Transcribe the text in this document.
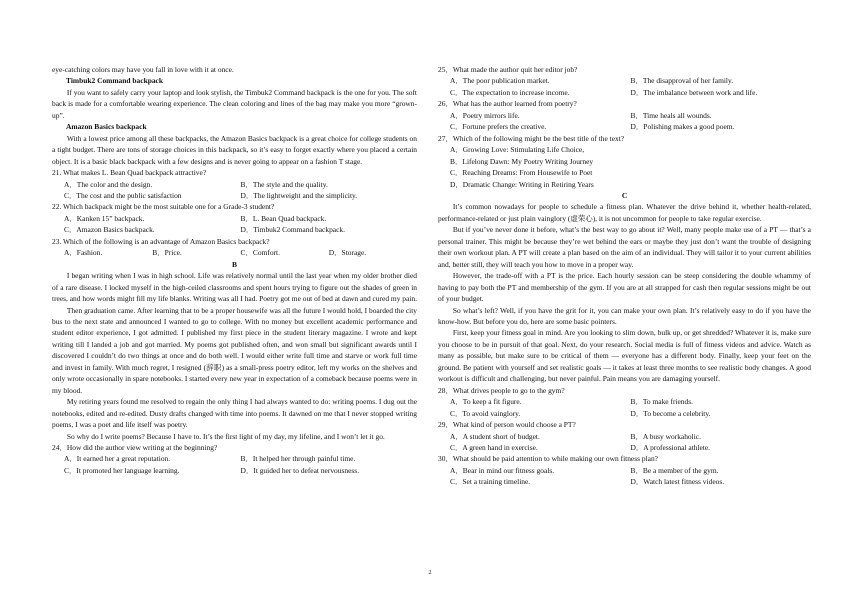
eye-catching colors may have you fall in love with it at once.
Timbuk2 Command backpack

If you want to safely carry your laptop and look stylish, the Timbuk2 Command backpack is the one for you. The soft back is made for a comfortable wearing experience. The clean coloring and lines of the bag may make you more “grown-up”.

Amazon Basics backpack

With a lowest price among all these backpacks, the Amazon Basics backpack is a great choice for college students on a tight budget. There are tons of storage choices in this backpack, so it’s easy to forget exactly where you placed a certain object. It is a basic black backpack with a few designs and is never going to appear on a fashion T stage.

21. What makes L. Bean Quad backpack attractive?
A．The color and the design.	B．The style and the quality.
C．The cost and the public satisfaction	D．The lightweight and the simplicity.
22. Which backpack might be the most suitable one for a Grade-3 student?
A．Kanken 15” backpack.	B．L. Bean Quad backpack.
C．Amazon Basics backpack.	D．Timbuk2 Command backpack.
23. Which of the following is an advantage of Amazon Basics backpack?
A．Fashion.	B．Price.	C．Comfort.	D．Storage.
B

I began writing when I was in high school. Life was relatively normal until the last year when my older brother died of a rare disease. I locked myself in the high-ceiled classrooms and spent hours trying to figure out the shades of green in trees, and how words might fill my life blanks. Writing was all I had. Poetry got me out of bed at dawn and cured my pain.

Then graduation came. After learning that to be a proper housewife was all the future I would hold, I boarded the city bus to the next state and announced I wanted to go to college. With no money but excellent academic performance and student editor experience, I got admitted. I published my first piece in the student literary magazine. I wrote and kept writing till I landed a job and got married. My poems got published often, and won small but significant awards until I discovered I couldn’t do two things at once and do both well. I would either write full time and starve or work full time and invest in family. With much regret, I resigned (辞职) as a small-press poetry editor, left my works on the shelves and only wrote occasionally in spare notebooks. I started every new year in expectation of a comeback because poems were in my blood.

My retiring years found me resolved to regain the only thing I had always wanted to do: writing poems. I dug out the notebooks, edited and re-edited. Dusty drafts changed with time into poems. It dawned on me that I never stopped writing poems, I was a poet and life itself was poetry.

So why do I write poems? Because I have to. It’s the first light of my day, my lifeline, and I won’t let it go.

24．How did the author view writing at the beginning?
A．It earned her a great reputation.	B．It helped her through painful time.
C．It promoted her language learning.	D．It guided her to defeat nervousness.
25．What made the author quit her editor job?
A．The poor publication market.	B．The disapproval of her family.
C．The expectation to increase income.	D．The imbalance between work and life.
26．What has the author learned from poetry?
A．Poetry mirrors life.	B．Time heals all wounds.
C．Fortune prefers the creative.	D．Polishing makes a good poem.
27．Which of the following might be the best title of the text?
A．Growing Love: Stimulating Life Choice,
B．Lifelong Dawn: My Poetry Writing Journey
C．Reaching Dreams: From Housewife to Poet
D．Dramatic Change: Writing in Retiring Years
C

It’s common nowadays for people to schedule a fitness plan. Whatever the drive behind it, whether health-related, performance-related or just plain vainglory (虚荣心), it is not uncommon for people to take regular exercise.

But if you’ve never done it before, what’s the best way to go about it? Well, many people make use of a PT — that’s a personal trainer. This might be because they’re wet behind the ears or maybe they just don’t want the trouble of designing their own workout plan. A PT will create a plan based on the aim of an individual. They will tailor it to your current abilities and, better still, they will teach you how to move in a proper way.

However, the trade-off with a PT is the price. Each hourly session can be steep considering the double whammy of having to pay both the PT and membership of the gym. If you are at all strapped for cash then regular sessions might be out of your budget.

So what’s left? Well, if you have the grit for it, you can make your own plan. It’s relatively easy to do if you have the know-how. But before you do, here are some basic pointers.

First, keep your fitness goal in mind. Are you looking to slim down, bulk up, or get shredded? Whatever it is, make sure you choose to be in pursuit of that goal. Next, do your research. Social media is full of fitness videos and advice. Watch as many as possible, but make sure to be critical of them — everyone has a different body. Finally, keep your feet on the ground. Be patient with yourself and set realistic goals — it takes at least three months to see realistic body changes. A good workout is difficult and challenging, but never painful. Pain means you are damaging yourself.

28．What drives people to go to the gym?
A．To keep a fit figure.	B．To make friends.
C．To avoid vainglory.	D．To become a celebrity.
29．What kind of person would choose a PT?
A．A student short of budget.	B．A busy workaholic.
C．A green hand in exercise.	D．A professional athlete.
30．What should be paid attention to while making our own fitness plan?
A．Bear in mind our fitness goals.	B．Be a member of the gym.
C．Set a training timeline.	D．Watch latest fitness videos.
2
